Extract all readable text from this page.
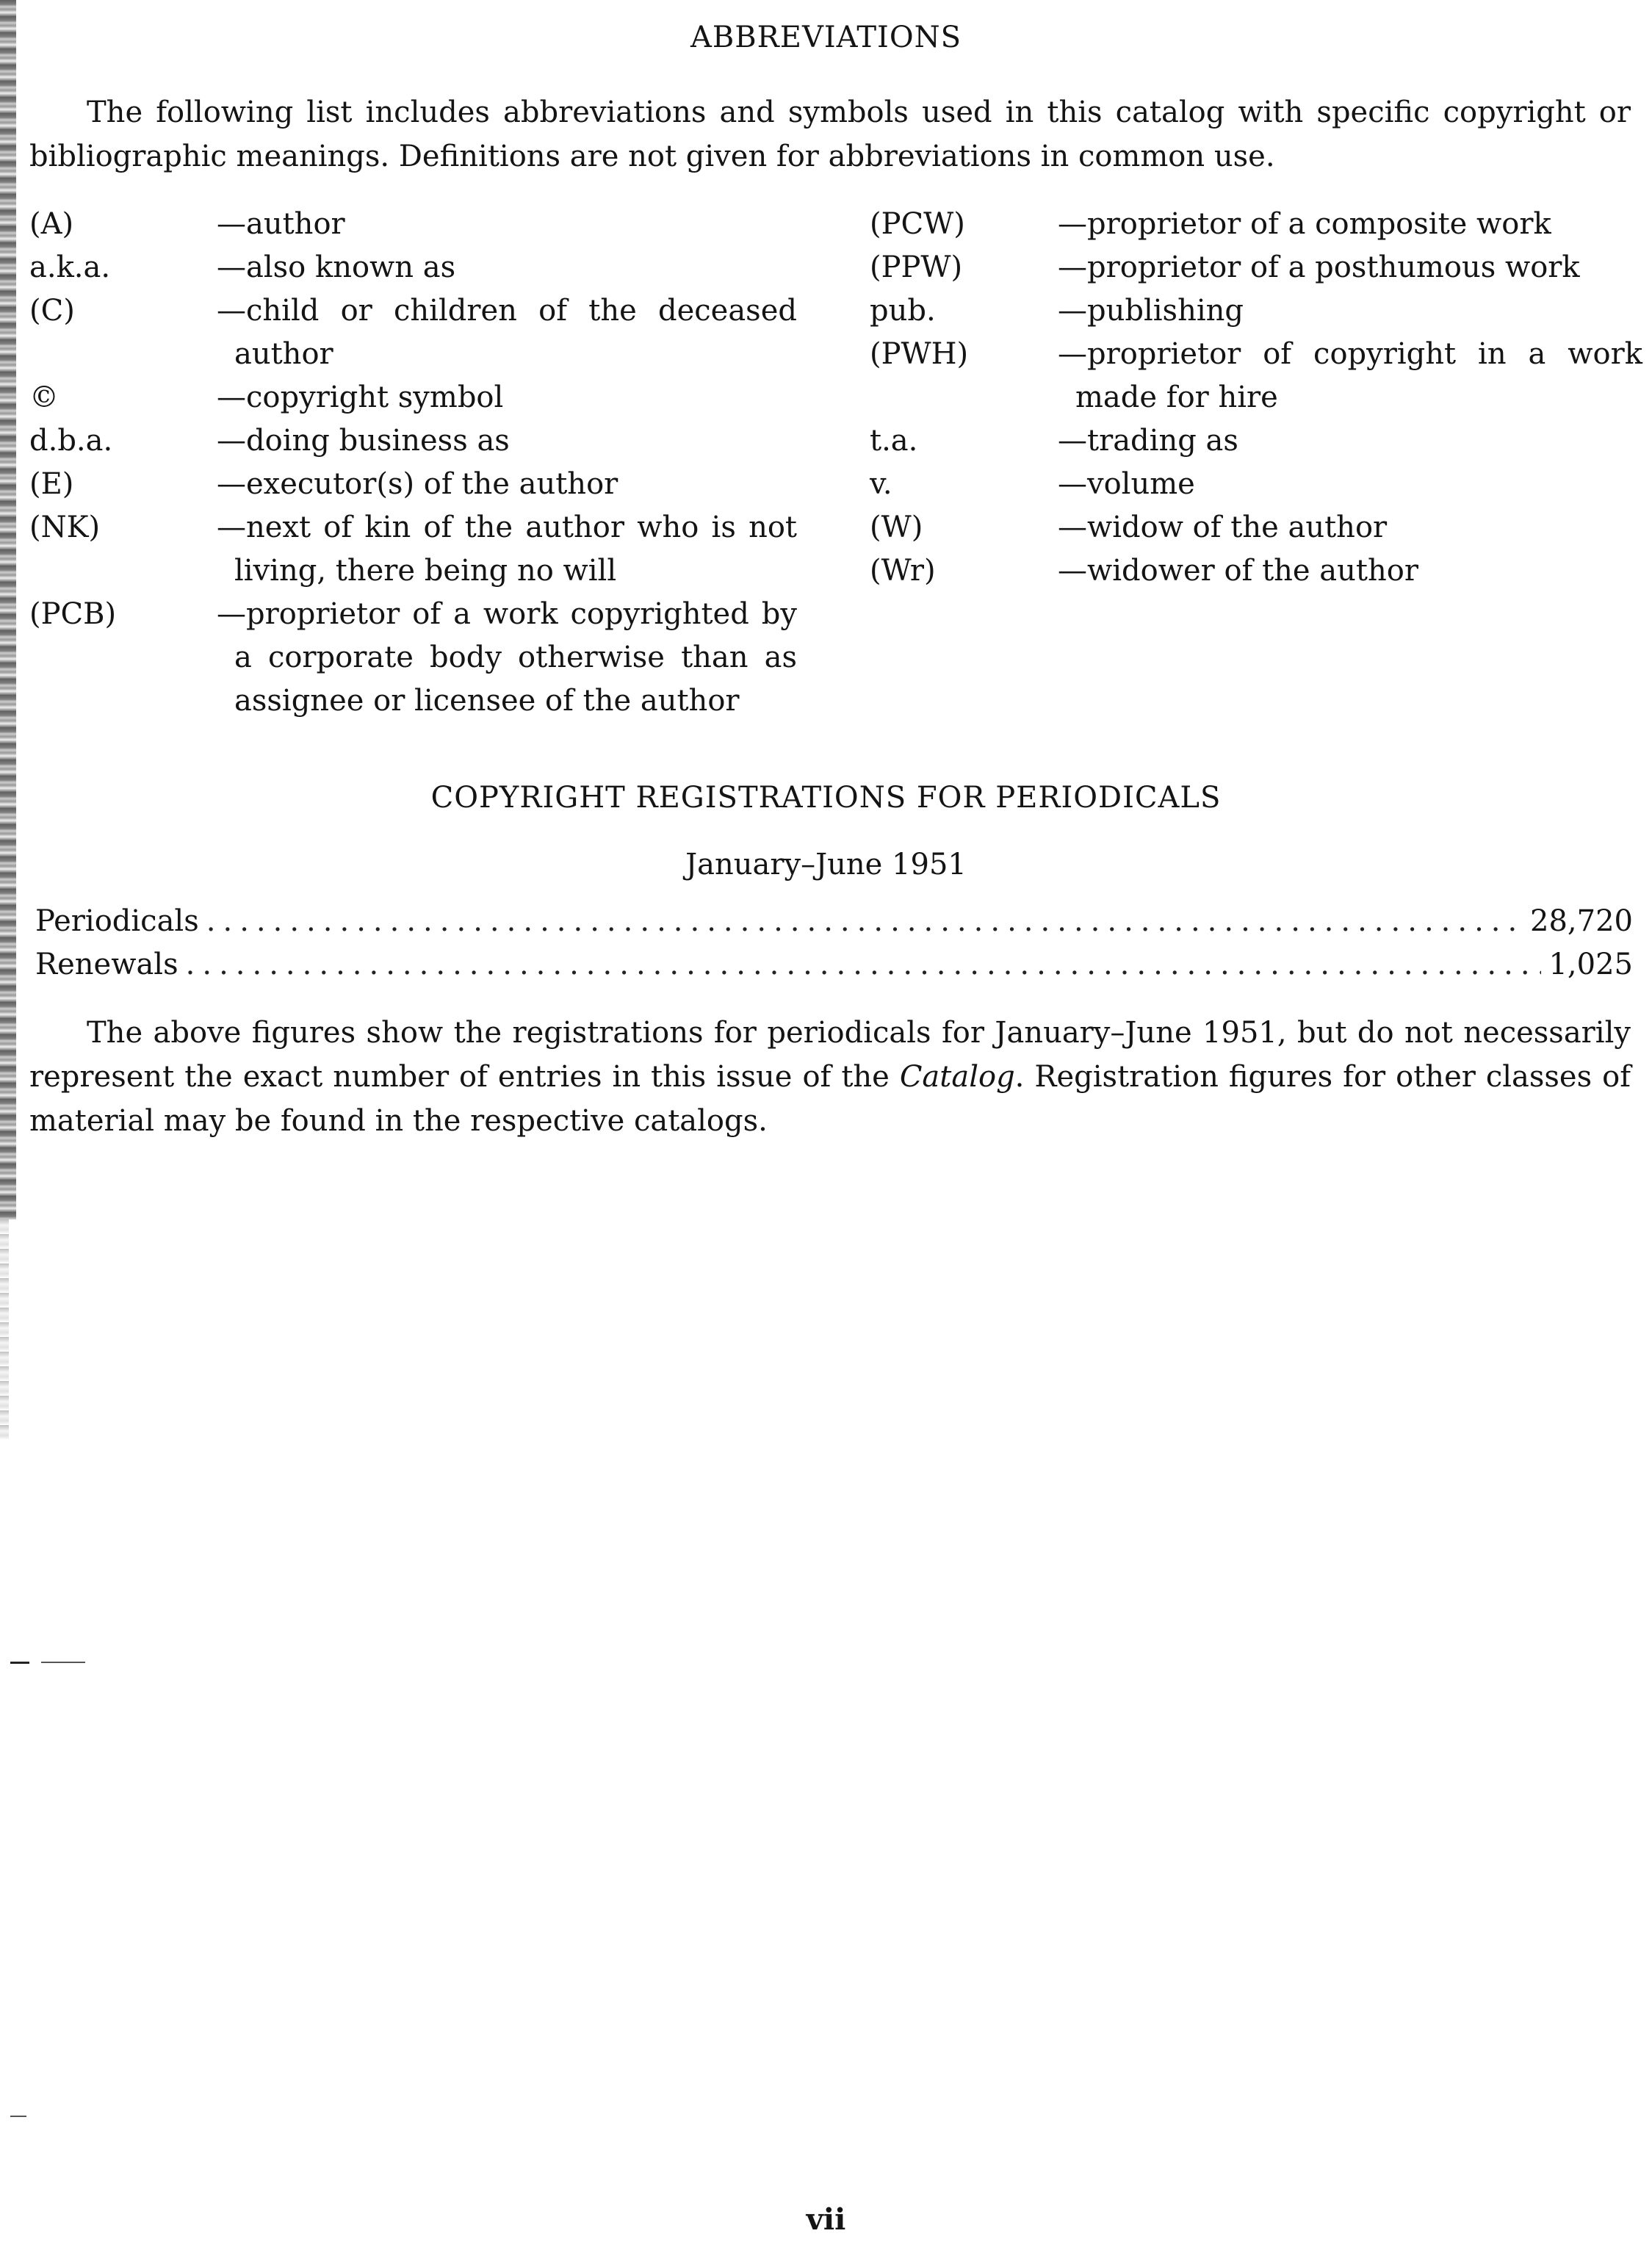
ABBREVIATIONS

The following list includes abbreviations and symbols used in this catalog with specific copyright or bibliographic meanings. Definitions are not given for abbreviations in common use.

(A)	—author
a.k.a.	—also known as
(C)	—child or children of the deceased author
©	—copyright symbol
d.b.a.	—doing business as
(E)	—executor(s) of the author
(NK)	—next of kin of the author who is not living, there being no will
(PCB)	—proprietor of a work copyrighted by a corporate body otherwise than as assignee or licensee of the author
(PCW)	—proprietor of a composite work
(PPW)	—proprietor of a posthumous work
pub.	—publishing
(PWH)	—proprietor of copyright in a work made for hire
t.a.	—trading as
v.	—volume
(W)	—widow of the author
(Wr)	—widower of the author
COPYRIGHT REGISTRATIONS FOR PERIODICALS
January–June 1951
Periodicals .....	28,720
Renewals .....	1,025

The above figures show the registrations for periodicals for January–June 1951, but do not necessarily represent the exact number of entries in this issue of the Catalog. Registration figures for other classes of material may be found in the respective catalogs.

vii
